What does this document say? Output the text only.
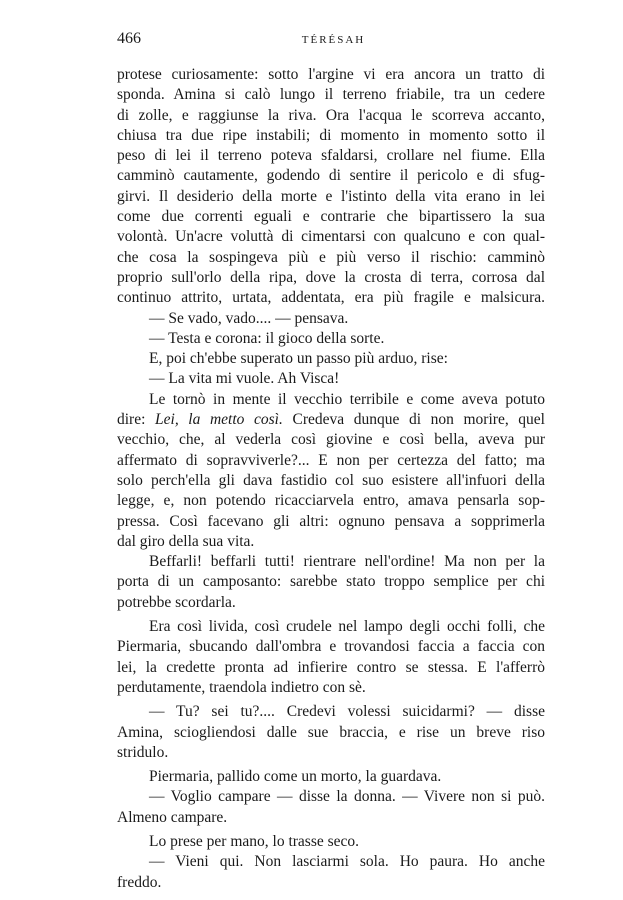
466	TÉRÉSAH
protese curiosamente: sotto l'argine vi era ancora un tratto di
sponda. Amina si calò lungo il terreno friabile, tra un cedere
di zolle, e raggiunse la riva. Ora l'acqua le scorreva accanto,
chiusa tra due ripe instabili; di momento in momento sotto il
peso di lei il terreno poteva sfaldarsi, crollare nel fiume. Ella
camminò cautamente, godendo di sentire il pericolo e di sfug-
girvi. Il desiderio della morte e l'istinto della vita erano in lei
come due correnti eguali e contrarie che bipartissero la sua
volontà. Un'acre voluttà di cimentarsi con qualcuno e con qual-
che cosa la sospingeva più e più verso il rischio: camminò
proprio sull'orlo della ripa, dove la crosta di terra, corrosa dal
continuo attrito, urtata, addentata, era più fragile e malsicura.
— Se vado, vado.... — pensava.
— Testa e corona: il gioco della sorte.
E, poi ch'ebbe superato un passo più arduo, rise:
— La vita mi vuole. Ah Visca!
Le tornò in mente il vecchio terribile e come aveva potuto
dire: Lei, la metto così. Credeva dunque di non morire, quel
vecchio, che, al vederla così giovine e così bella, aveva pur
affermato di sopravviverle?... E non per certezza del fatto; ma
solo perch'ella gli dava fastidio col suo esistere all'infuori della
legge, e, non potendo ricacciarvela entro, amava pensarla sop-
pressa. Così facevano gli altri: ognuno pensava a sopprimerla
dal giro della sua vita.
Beffarli! beffarli tutti! rientrare nell'ordine! Ma non per la
porta di un camposanto: sarebbe stato troppo semplice per chi
potrebbe scordarla.
Era così livida, così crudele nel lampo degli occhi folli, che
Piermaria, sbucando dall'ombra e trovandosi faccia a faccia con
lei, la credette pronta ad infierire contro se stessa. E l'afferrò
perdutamente, traendola indietro con sè.
— Tu? sei tu?.... Credevi volessi suicidarmi? — disse
Amina, sciogliendosi dalle sue braccia, e rise un breve riso
stridulo.
Piermaria, pallido come un morto, la guardava.
— Voglio campare — disse la donna. — Vivere non si può.
Almeno campare.
Lo prese per mano, lo trasse seco.
— Vieni qui. Non lasciarmi sola. Ho paura. Ho anche
freddo.
